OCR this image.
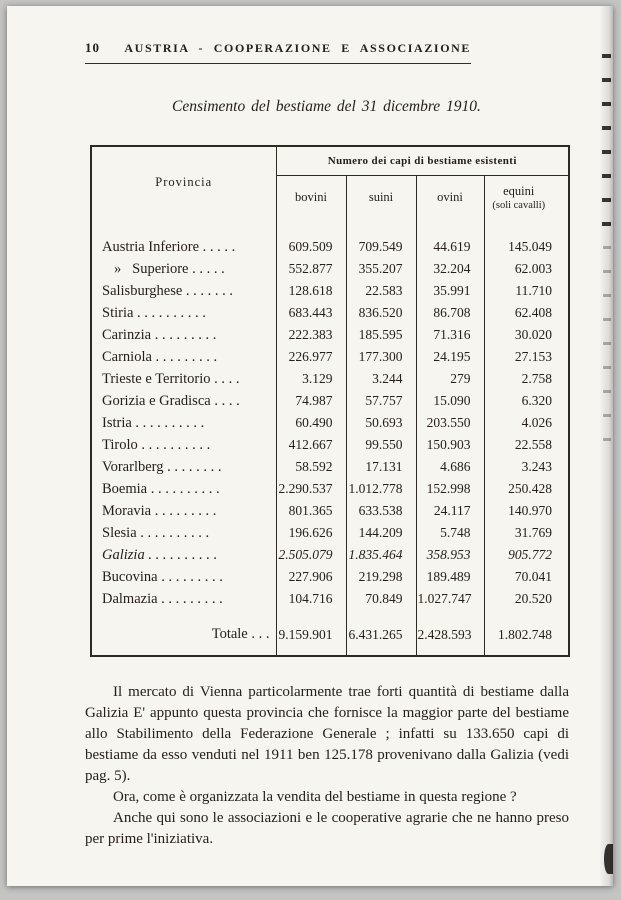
10 AUSTRIA - COOPERAZIONE E ASSOCIAZIONE
Censimento del bestiame del 31 dicembre 1910.
Provincia	Numero dei capi di bestiame esistenti			
	bovini	suini	ovini	equini
(soli cavalli)

Austria Inferiore . . . . .	609.509	709.549	44.619	145.049
»   Superiore . . . . .	552.877	355.207	32.204	62.003
Salisburghese . . . . . . .	128.618	22.583	35.991	11.710
Stiria . . . . . . . . . .	683.443	836.520	86.708	62.408
Carinzia . . . . . . . . .	222.383	185.595	71.316	30.020
Carniola . . . . . . . . .	226.977	177.300	24.195	27.153
Trieste e Territorio . . . .	3.129	3.244	279	2.758
Gorizia e Gradisca . . . .	74.987	57.757	15.090	6.320
Istria . . . . . . . . . .	60.490	50.693	203.550	4.026
Tirolo . . . . . . . . . .	412.667	99.550	150.903	22.558
Vorarlberg . . . . . . . .	58.592	17.131	4.686	3.243
Boemia . . . . . . . . . .	2.290.537	1.012.778	152.998	250.428
Moravia . . . . . . . . .	801.365	633.538	24.117	140.970
Slesia . . . . . . . . . .	196.626	144.209	5.748	31.769
Galizia . . . . . . . . . .	2.505.079	1.835.464	358.953	905.772
Bucovina . . . . . . . . .	227.906	219.298	189.489	70.041
Dalmazia . . . . . . . . .	104.716	70.849	1.027.747	20.520
Totale . . .	9.159.901	6.431.265	2.428.593	1.802.748

Il mercato di Vienna particolarmente trae forti quantità di bestiame dalla Galizia E' appunto questa provincia che fornisce la maggior parte del bestiame allo Stabilimento della Federazione Generale ; infatti su 133.650 capi di bestiame da esso venduti nel 1911 ben 125.178 provenivano dalla Galizia (vedi pag. 5).

Ora, come è organizzata la vendita del bestiame in questa regione ?

Anche qui sono le associazioni e le cooperative agrarie che ne hanno preso per prime l'iniziativa.
